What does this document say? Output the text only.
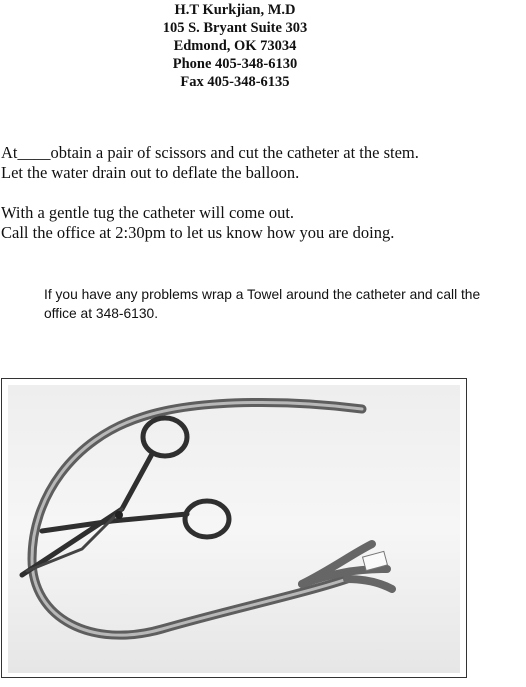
H.T Kurkjian, M.D
105 S. Bryant Suite 303
Edmond, OK 73034
Phone 405-348-6130
Fax 405-348-6135

At____obtain a pair of scissors and cut the catheter at the stem.

Let the water drain out to deflate the balloon.

With a gentle tug the catheter will come out.

Call the office at 2:30pm to let us know how you are doing.

If you have any problems wrap a Towel around the catheter and call the office at 348-6130.
